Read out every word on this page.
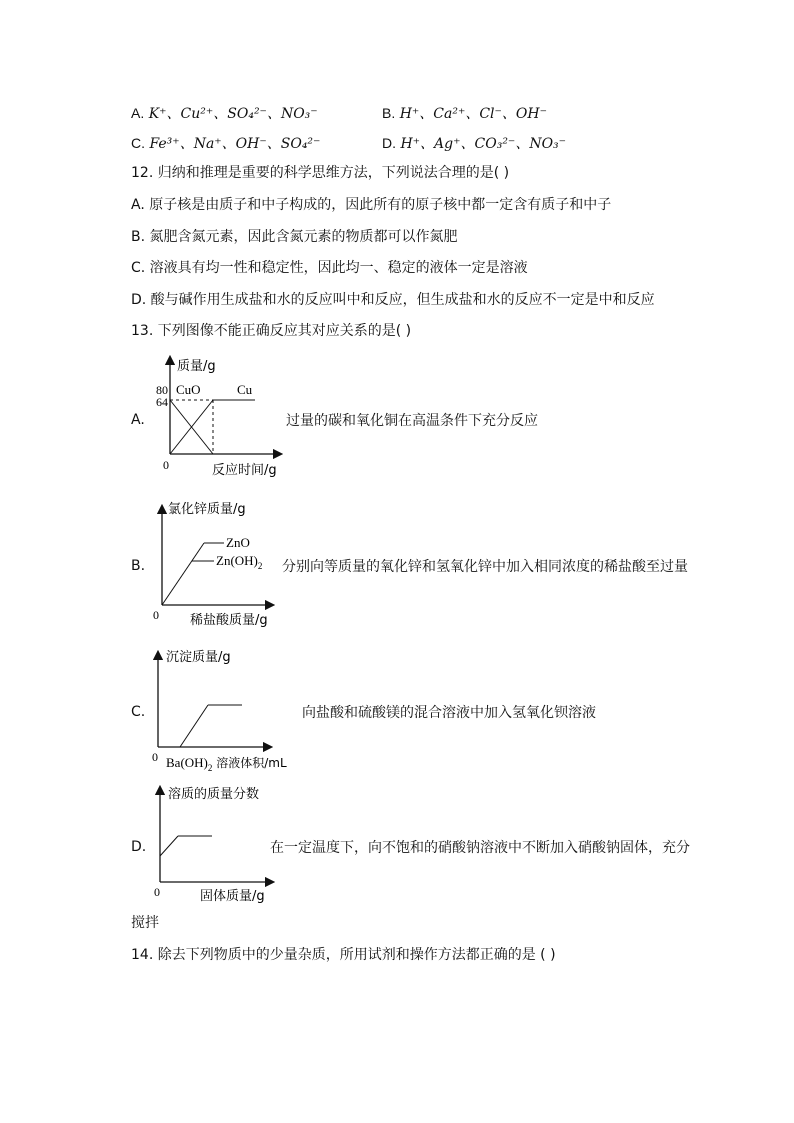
A. K⁺、Cu²⁺、SO₄²⁻、NO₃⁻	B. H⁺、Ca²⁺、Cl⁻、OH⁻
C. Fe³⁺、Na⁺、OH⁻、SO₄²⁻	D. H⁺、Ag⁺、CO₃²⁻、NO₃⁻
12. 归纳和推理是重要的科学思维方法，下列说法合理的是( )
A. 原子核是由质子和中子构成的，因此所有的原子核中都一定含有质子和中子
B. 氮肥含氮元素，因此含氮元素的物质都可以作氮肥
C. 溶液具有均一性和稳定性，因此均一、稳定的液体一定是溶液
D. 酸与碱作用生成盐和水的反应叫中和反应，但生成盐和水的反应不一定是中和反应
13. 下列图像不能正确反应其对应关系的是( )
A.
质量/g
80
64
CuO	Cu
0	反应时间/g
过量的碳和氧化铜在高温条件下充分反应
B.
氯化锌质量/g
ZnO
$Zn(OH)_2$
0 稀盐酸质量/g
分别向等质量的氧化锌和氢氧化锌中加入相同浓度的稀盐酸至过量
C.
沉淀质量/g
0 $Ba(OH)_2$ 溶液体积/mL
向盐酸和硫酸镁的混合溶液中加入氢氧化钡溶液
D.
溶质的质量分数
0	固体质量/g
在一定温度下，向不饱和的硝酸钠溶液中不断加入硝酸钠固体，充分
搅拌
14. 除去下列物质中的少量杂质，所用试剂和操作方法都正确的是 ( )
